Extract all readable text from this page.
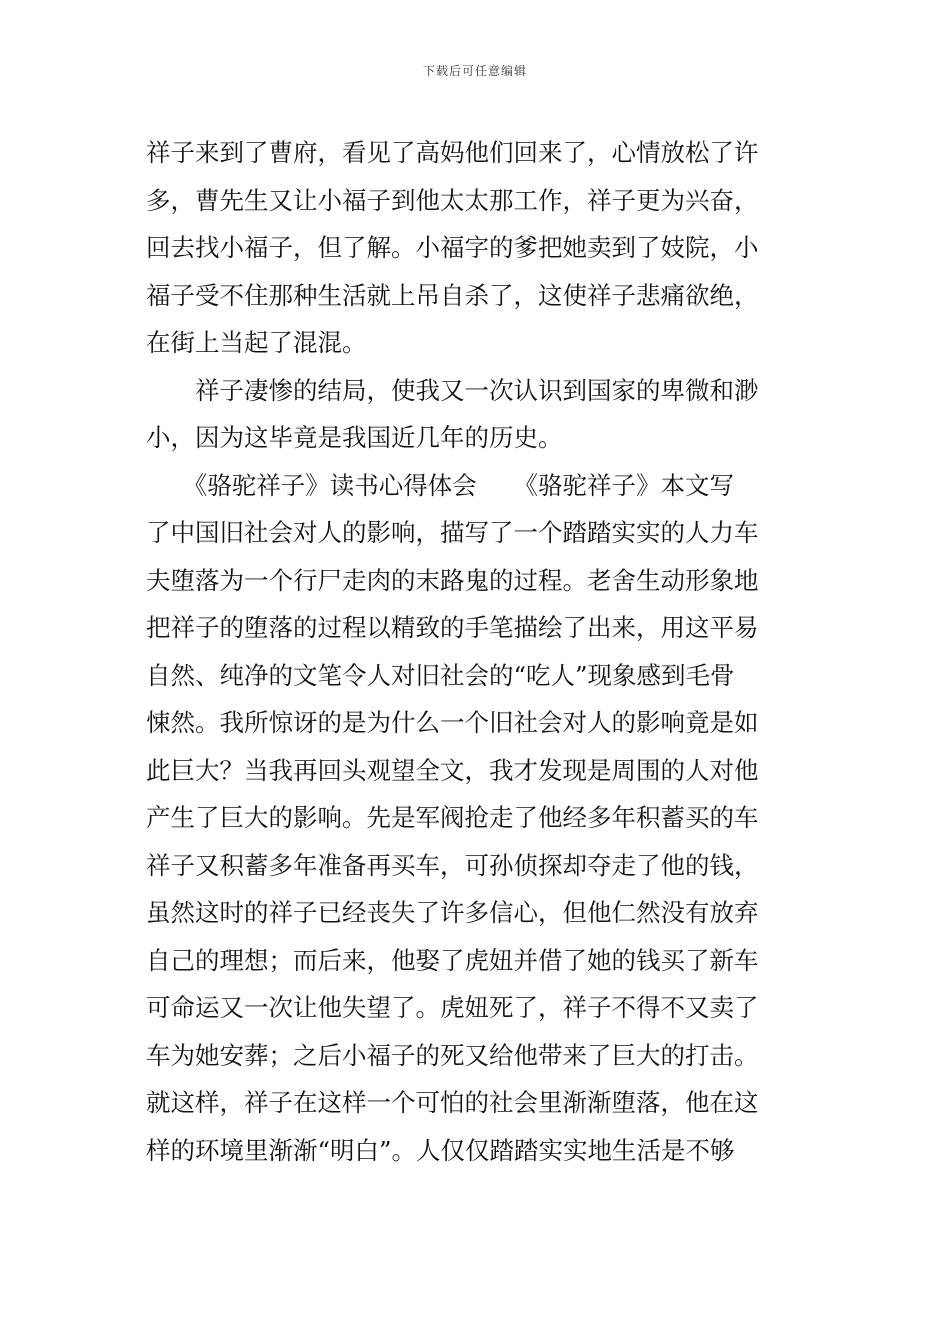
下载后可任意编辑
祥子来到了曹府，看见了高妈他们回来了，心情放松了许
多，曹先生又让小福子到他太太那工作，祥子更为兴奋，
回去找小福子，但了解。小福字的爹把她卖到了妓院，小
福子受不住那种生活就上吊自杀了，这使祥子悲痛欲绝，
在街上当起了混混。
　　祥子凄惨的结局，使我又一次认识到国家的卑微和渺
小，因为这毕竟是我国近几年的历史。
　　《骆驼祥子》读书心得体会　　《骆驼祥子》本文写
了中国旧社会对人的影响，描写了一个踏踏实实的人力车
夫堕落为一个行尸走肉的末路鬼的过程。老舍生动形象地
把祥子的堕落的过程以精致的手笔描绘了出来，用这平易
自然、纯净的文笔令人对旧社会的“吃人”现象感到毛骨
悚然。我所惊讶的是为什么一个旧社会对人的影响竟是如
此巨大？当我再回头观望全文，我才发现是周围的人对他
产生了巨大的影响。先是军阀抢走了他经多年积蓄买的车
祥子又积蓄多年准备再买车，可孙侦探却夺走了他的钱，
虽然这时的祥子已经丧失了许多信心，但他仁然没有放弃
自己的理想；而后来，他娶了虎妞并借了她的钱买了新车
可命运又一次让他失望了。虎妞死了，祥子不得不又卖了
车为她安葬；之后小福子的死又给他带来了巨大的打击。
就这样，祥子在这样一个可怕的社会里渐渐堕落，他在这
样的环境里渐渐“明白”。人仅仅踏踏实实地生活是不够
